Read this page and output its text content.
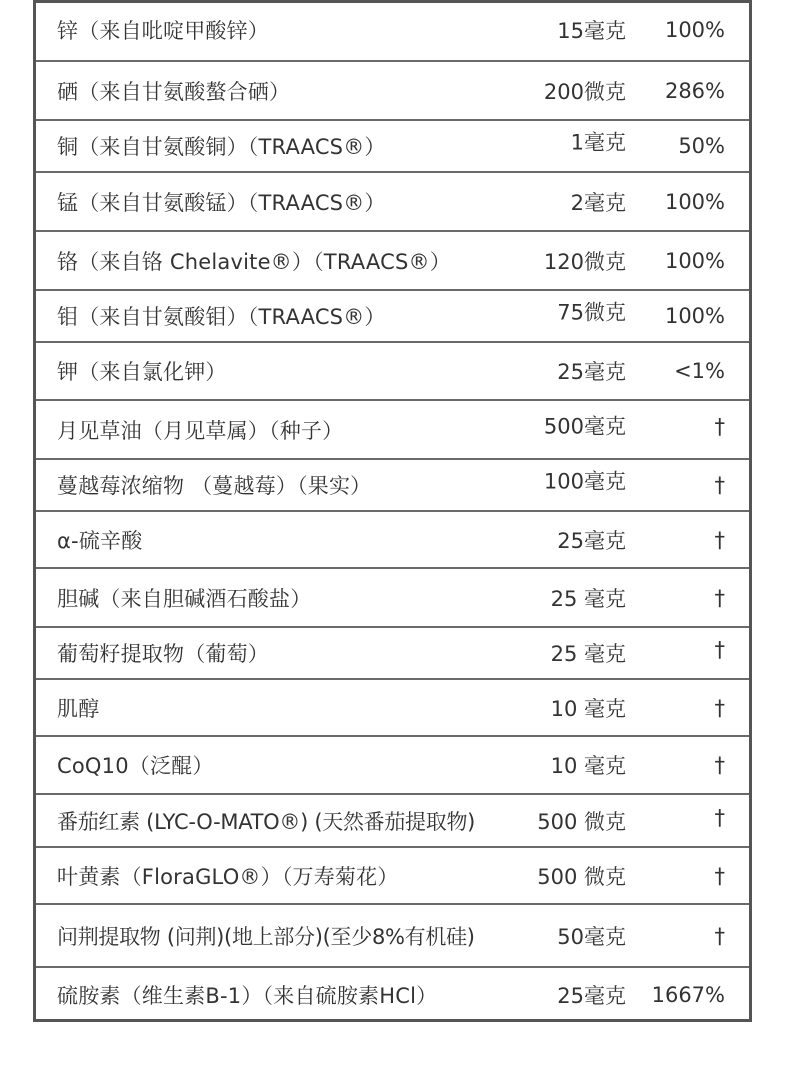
锌（来自吡啶甲酸锌）	15毫克 100%
硒（来自甘氨酸螯合硒）	200微克 286%
铜（来自甘氨酸铜）（TRAACS®）	1毫克 50%
锰（来自甘氨酸锰）（TRAACS®）	2毫克 100%
铬（来自铬 Chelavite®）（TRAACS®）	120微克 100%
钼（来自甘氨酸钼）（TRAACS®）	75微克 100%
钾（来自氯化钾）	25毫克 <1%
月见草油（月见草属）（种子）	500毫克	†
蔓越莓浓缩物 （蔓越莓）（果实）	100毫克	†
α-硫辛酸	25毫克	†
胆碱（来自胆碱酒石酸盐）	25 毫克	†
葡萄籽提取物（葡萄）	25 毫克	†
肌醇	10 毫克	†
CoQ10（泛醌）	10 毫克	†
番茄红素 (LYC-O-MATO®) (天然番茄提取物)	500 微克	†
叶黄素（FloraGLO®）（万寿菊花）	500 微克	†
问荆提取物 (问荆)(地上部分)(至少8%有机硅)	50毫克	†
硫胺素（维生素B-1）（来自硫胺素HCl）	25毫克 1667%
